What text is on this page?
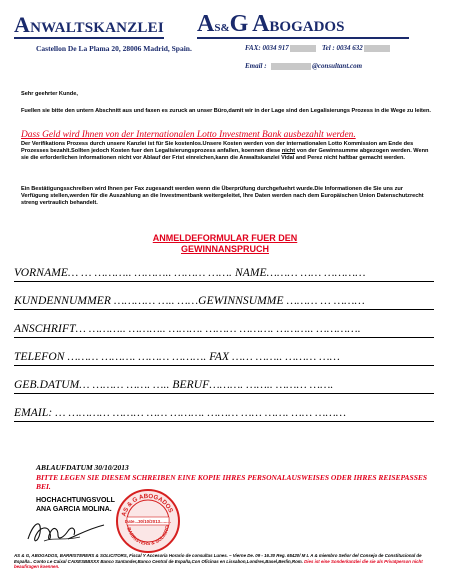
ANWALTSKANZLEI AS&G ABOGADOS
Castellon De La Plama 20, 28006 Madrid, Spain.	FAX: 0034 917	Tel : 0034 632
Email :	@consultant.com
Sehr geehrter Kunde,
Fuellen sie bitte den untern Abschnitt aus und faxen es zuruck an unser Büro,damit wir in der Lage sind den Legalisierungs Prozess in die Wege zu leiten.
Dass Geld wird Ihnen von der Internationalen Lotto Investment Bank ausbezahlt werden.
Der Verifikations Prozess durch unsere Kanzlei ist für Sie kostenlos.Unsere Kosten werden von der internationalen Lotto Kommission am Ende des Prozesses bezahlt.Sollten jedoch Kosten fuer den Legalisierungsprozess anfallen, koennen diese nicht von der Gewinnsumme abgezogen werden. Wenn sie die erforderlichen informationen nicht vor Ablauf der Frist einreichen,kann die Anwaltskanzlei Vidal and Perez nicht haftbar gemacht werden.
Ein Bestätigungsschreiben wird Ihnen per Fax zugesandt werden wenn die Überprüfung durchgefuehrt wurde.Die Informationen die Sie uns zur Verfügung stellen,werden für die Auszahlung an die Investmentbank weitergeleitet, Ihre Daten werden nach dem Europäischen Union Datenschutzrecht streng vertraulich behandelt.
ANMELDEFORMULAR FUER DEN
GEWINNANSPRUCH
VORNAME… … ……….. ……….. ……… ……. NAME……… …… …………
KUNDENNUMMER ………… ….. ……GEWINNSUMME ……… … ………
ANSCHRIFT… ……….. ……….. ………. ……… ………. ……….. ………….
TELEFON ……… ………. ……… ………. FAX …… …….. ……… ……
GEB.DATUM… ……… ……. ….. BERUF………. …….. ……… …….
EMAIL: … ………… ……… …… ………. ……… …… ……. …… ………
ABLAUFDATUM 30/10/2013
BITTE LEGEN SIE DIESEM SCHREIBEN EINE KOPIE IHRES PERSONALAUSWEISES ODER IHRES REISEPASSES BEI.
HOCHACHTUNGSVOLL
ANA GARCIA MOLINA.
AS & G ABOGADOS
BARRISTERS & SOLICITO
Date...30/10/2013.........
AS & G, ABOGADOS, BARRISTERERS & SOLICITORS, Fiscal Y Accesoria Horario de consultas Lunes. – Vierne De. 09 - 16.30 Reg. 65420/ M L A & miembro Señor del Consejo de Constitucional de España.. Conto Le Caixal CAIXESBBXXX Banco Santander,Banco Central de España,Con Oficinas en Lissabon,Londres,Basel,Berlin,Rom. Dies ist eine Sonderkanzlei die sie als Privatperson nicht beaufiragen koennen.
